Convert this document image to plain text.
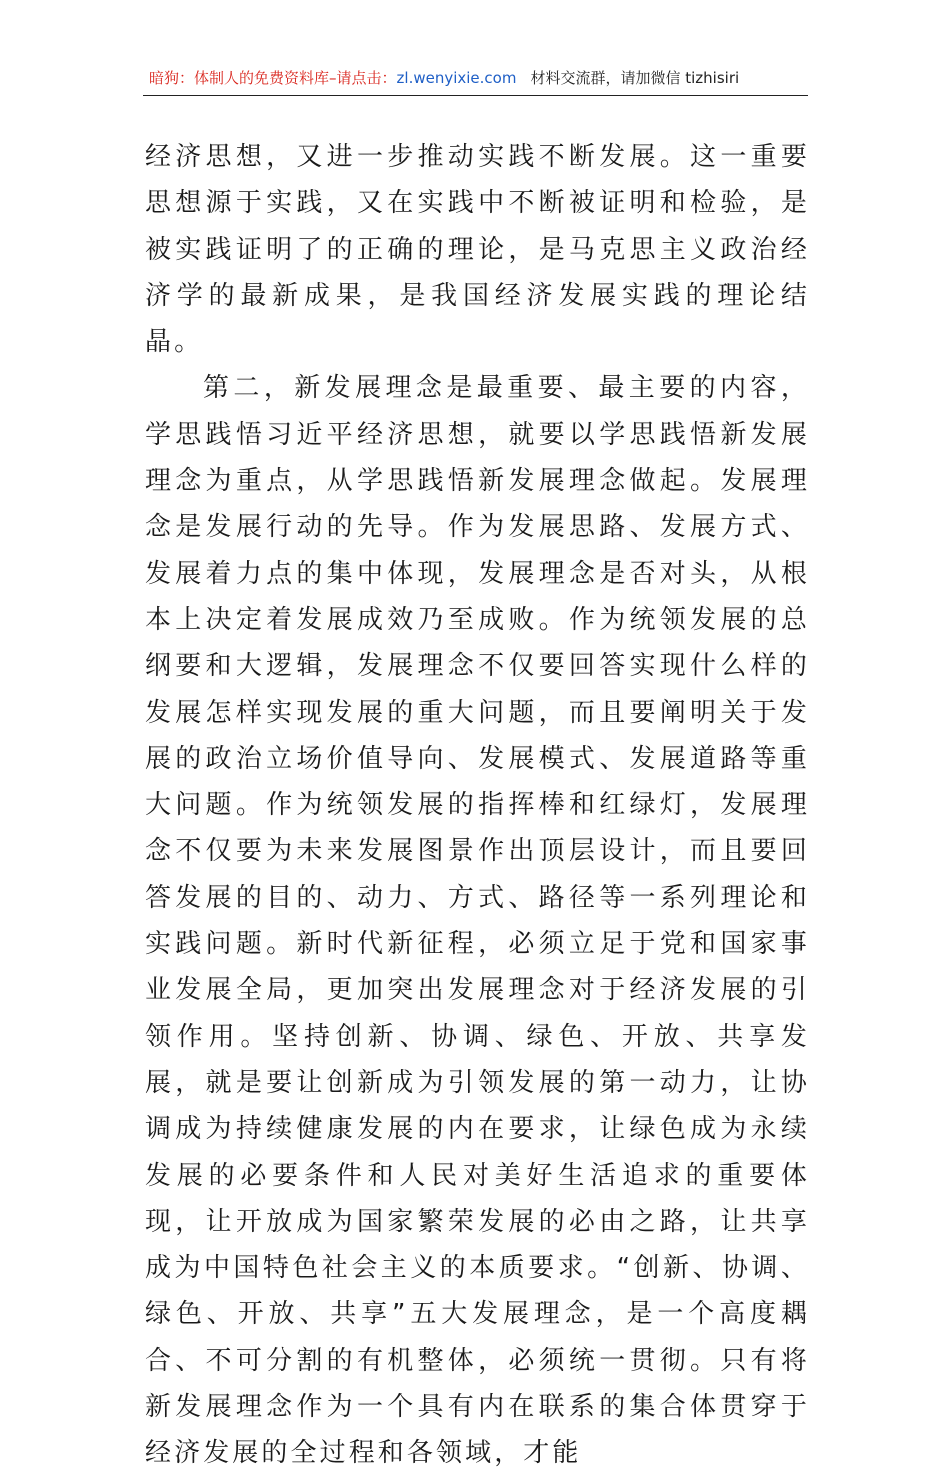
暗狗：体制人的免费资料库–请点击：zl.wenyixie.com 材料交流群，请加微信 tizhisiri

经济思想，又进一步推动实践不断发展。这一重要思想源于实践，又在实践中不断被证明和检验，是被实践证明了的正确的理论，是马克思主义政治经济学的最新成果，是我国经济发展实践的理论结晶。

第二，新发展理念是最重要、最主要的内容，学思践悟习近平经济思想，就要以学思践悟新发展理念为重点，从学思践悟新发展理念做起。发展理念是发展行动的先导。作为发展思路、发展方式、发展着力点的集中体现，发展理念是否对头，从根本上决定着发展成效乃至成败。作为统领发展的总纲要和大逻辑，发展理念不仅要回答实现什么样的发展怎样实现发展的重大问题，而且要阐明关于发展的政治立场价值导向、发展模式、发展道路等重大问题。作为统领发展的指挥棒和红绿灯，发展理念不仅要为未来发展图景作出顶层设计，而且要回答发展的目的、动力、方式、路径等一系列理论和实践问题。新时代新征程，必须立足于党和国家事业发展全局，更加突出发展理念对于经济发展的引领作用。坚持创新、协调、绿色、开放、共享发展，就是要让创新成为引领发展的第一动力，让协调成为持续健康发展的内在要求，让绿色成为永续发展的必要条件和人民对美好生活追求的重要体现，让开放成为国家繁荣发展的必由之路，让共享成为中国特色社会主义的本质要求。“创新、协调、绿色、开放、共享”五大发展理念，是一个高度耦合、不可分割的有机整体，必须统一贯彻。只有将新发展理念作为一个具有内在联系的集合体贯穿于经济发展的全过程和各领域，才能
